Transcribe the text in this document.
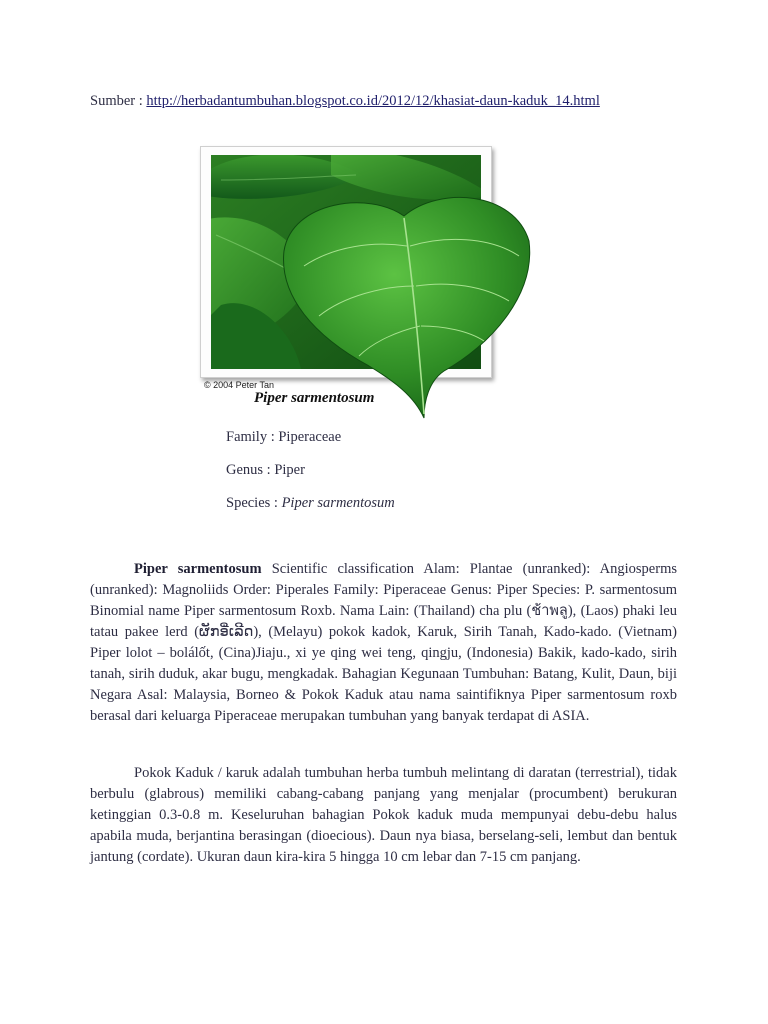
Sumber : http://herbadantumbuhan.blogspot.co.id/2012/12/khasiat-daun-kaduk_14.html
© 2004 Peter Tan
Piper sarmentosum
Family : Piperaceae
Genus : Piper
Species : Piper sarmentosum

Piper sarmentosum Scientific classification Alam: Plantae (unranked): Angiosperms (unranked): Magnoliids Order: Piperales Family: Piperaceae Genus: Piper Species: P. sarmentosum Binomial name Piper sarmentosum Roxb. Nama Lain: (Thailand) cha plu (ช้าพลู), (Laos) phaki leu tatau pakee lerd (ຜັກອີ່ເລີດ), (Melayu) pokok kadok, Karuk, Sirih Tanah, Kado-kado. (Vietnam) Piper lolot – bolálốt, (Cina)Jiaju., xi ye qing wei teng, qingju, (Indonesia) Bakik, kado-kado, sirih tanah, sirih duduk, akar bugu, mengkadak. Bahagian Kegunaan Tumbuhan: Batang, Kulit, Daun, biji Negara Asal: Malaysia, Borneo & Pokok Kaduk atau nama saintifiknya Piper sarmentosum roxb berasal dari keluarga Piperaceae merupakan tumbuhan yang banyak terdapat di ASIA.

Pokok Kaduk / karuk adalah tumbuhan herba tumbuh melintang di daratan (terrestrial), tidak berbulu (glabrous) memiliki cabang-cabang panjang yang menjalar (procumbent) berukuran ketinggian 0.3-0.8 m. Keseluruhan bahagian Pokok kaduk muda mempunyai debu-debu halus apabila muda, berjantina berasingan (dioecious). Daun nya biasa, berselang-seli, lembut dan bentuk jantung (cordate). Ukuran daun kira-kira 5 hingga 10 cm lebar dan 7-15 cm panjang.
